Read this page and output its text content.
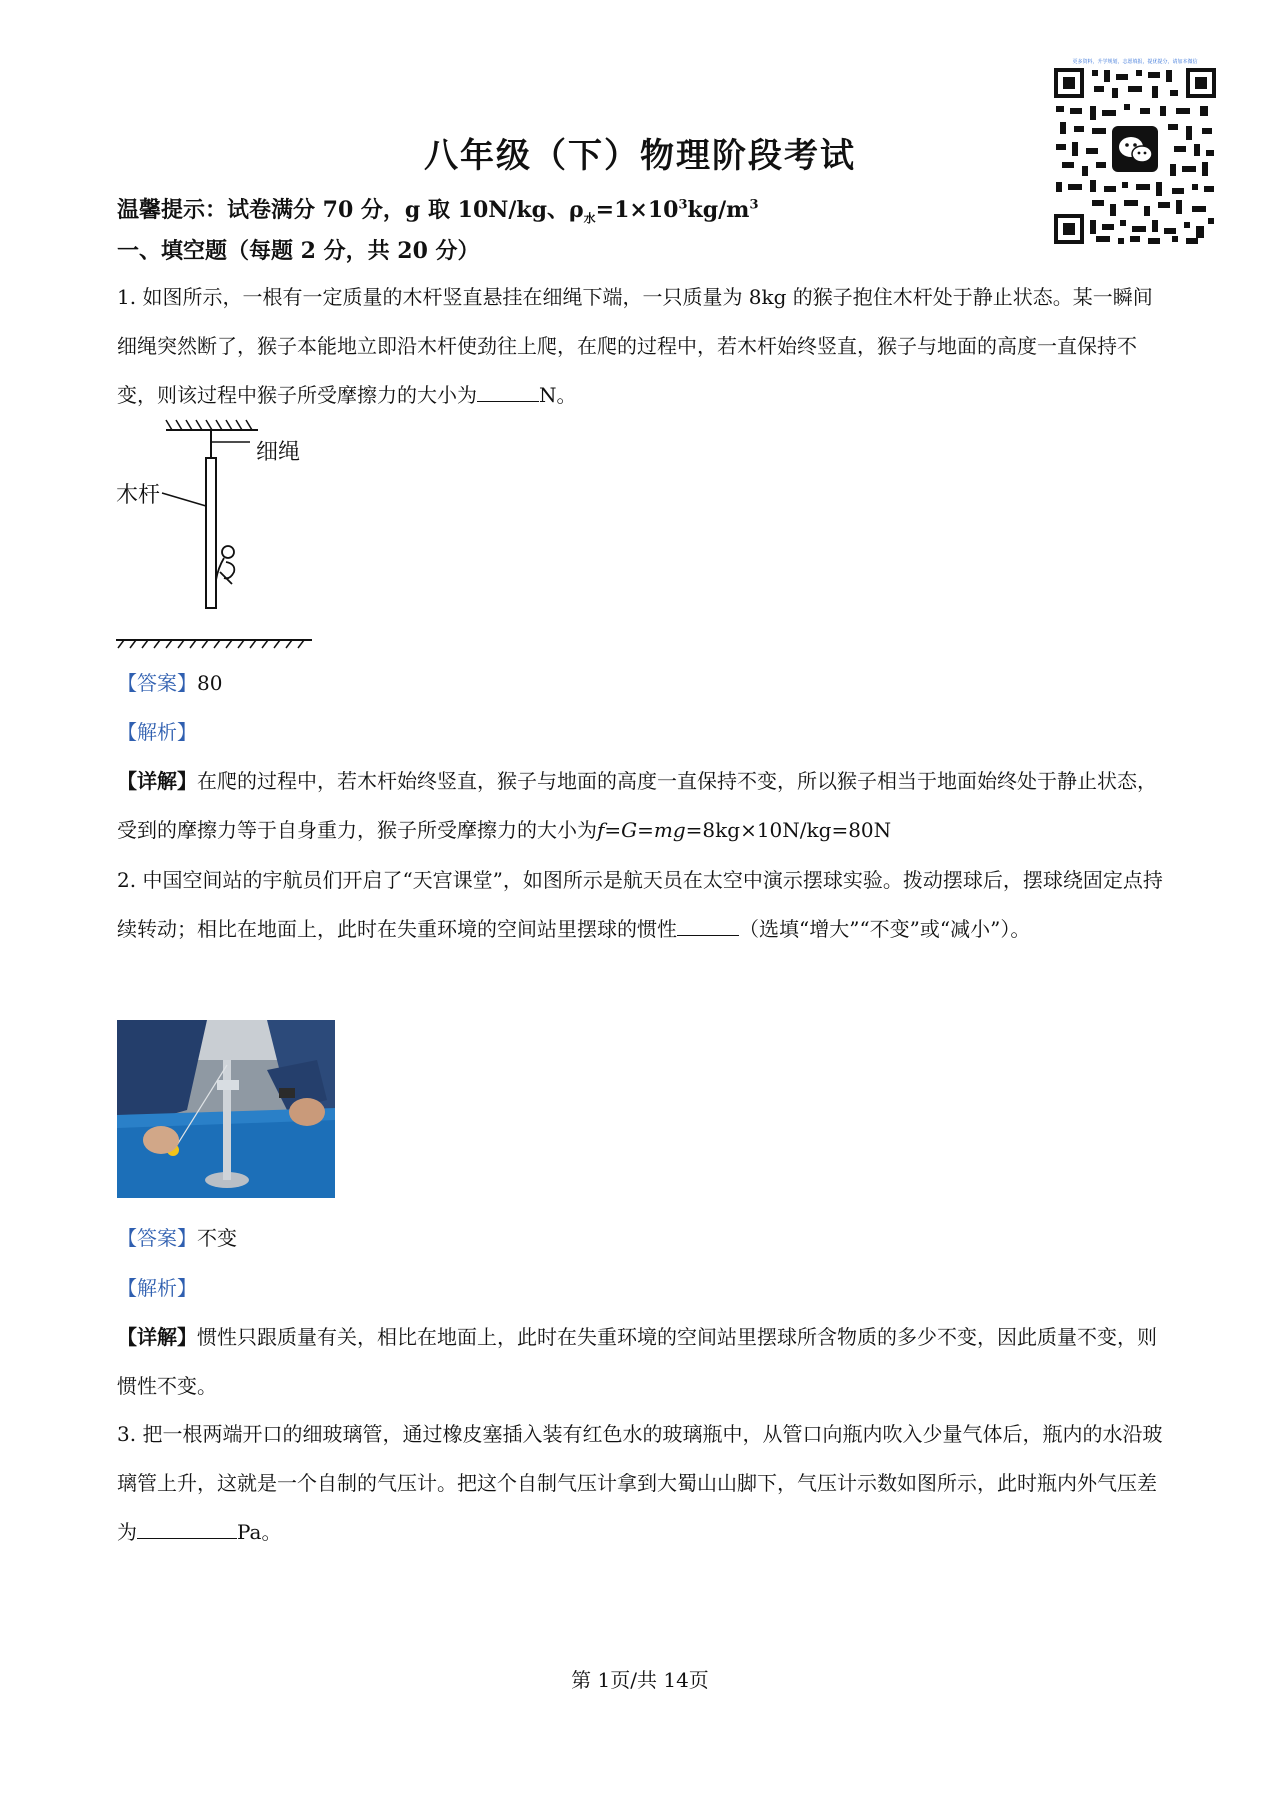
更多资料，升学规划，志愿填报，提优提分，请加本微信
八年级（下）物理阶段考试
温馨提示：试卷满分 70 分，g 取 10N/kg、$\rho_水=1\times 10^3kg/m^3$
一、填空题（每题 2 分，共 20 分）

1. 如图所示，一根有一定质量的木杆竖直悬挂在细绳下端，一只质量为 8kg 的猴子抱住木杆处于静止状态。某一瞬间细绳突然断了，猴子本能地立即沿木杆使劲往上爬，在爬的过程中，若木杆始终竖直，猴子与地面的高度一直保持不变，则该过程中猴子所受摩擦力的大小为	N。

细绳
木杆
【答案】80
【解析】

【详解】在爬的过程中，若木杆始终竖直，猴子与地面的高度一直保持不变，所以猴子相当于地面始终处于静止状态，受到的摩擦力等于自身重力，猴子所受摩擦力的大小为f=G=mg=8kg×10N/kg=80N

2. 中国空间站的宇航员们开启了“天宫课堂”，如图所示是航天员在太空中演示摆球实验。拨动摆球后，摆球绕固定点持续转动；相比在地面上，此时在失重环境的空间站里摆球的惯性	（选填“增大”“不变”或“减小”）。

【答案】不变
【解析】

【详解】惯性只跟质量有关，相比在地面上，此时在失重环境的空间站里摆球所含物质的多少不变，因此质量不变，则惯性不变。

3. 把一根两端开口的细玻璃管，通过橡皮塞插入装有红色水的玻璃瓶中，从管口向瓶内吹入少量气体后，瓶内的水沿玻璃管上升，这就是一个自制的气压计。把这个自制气压计拿到大蜀山山脚下，气压计示数如图所示，此时瓶内外气压差为	Pa。

第 1页/共 14页
